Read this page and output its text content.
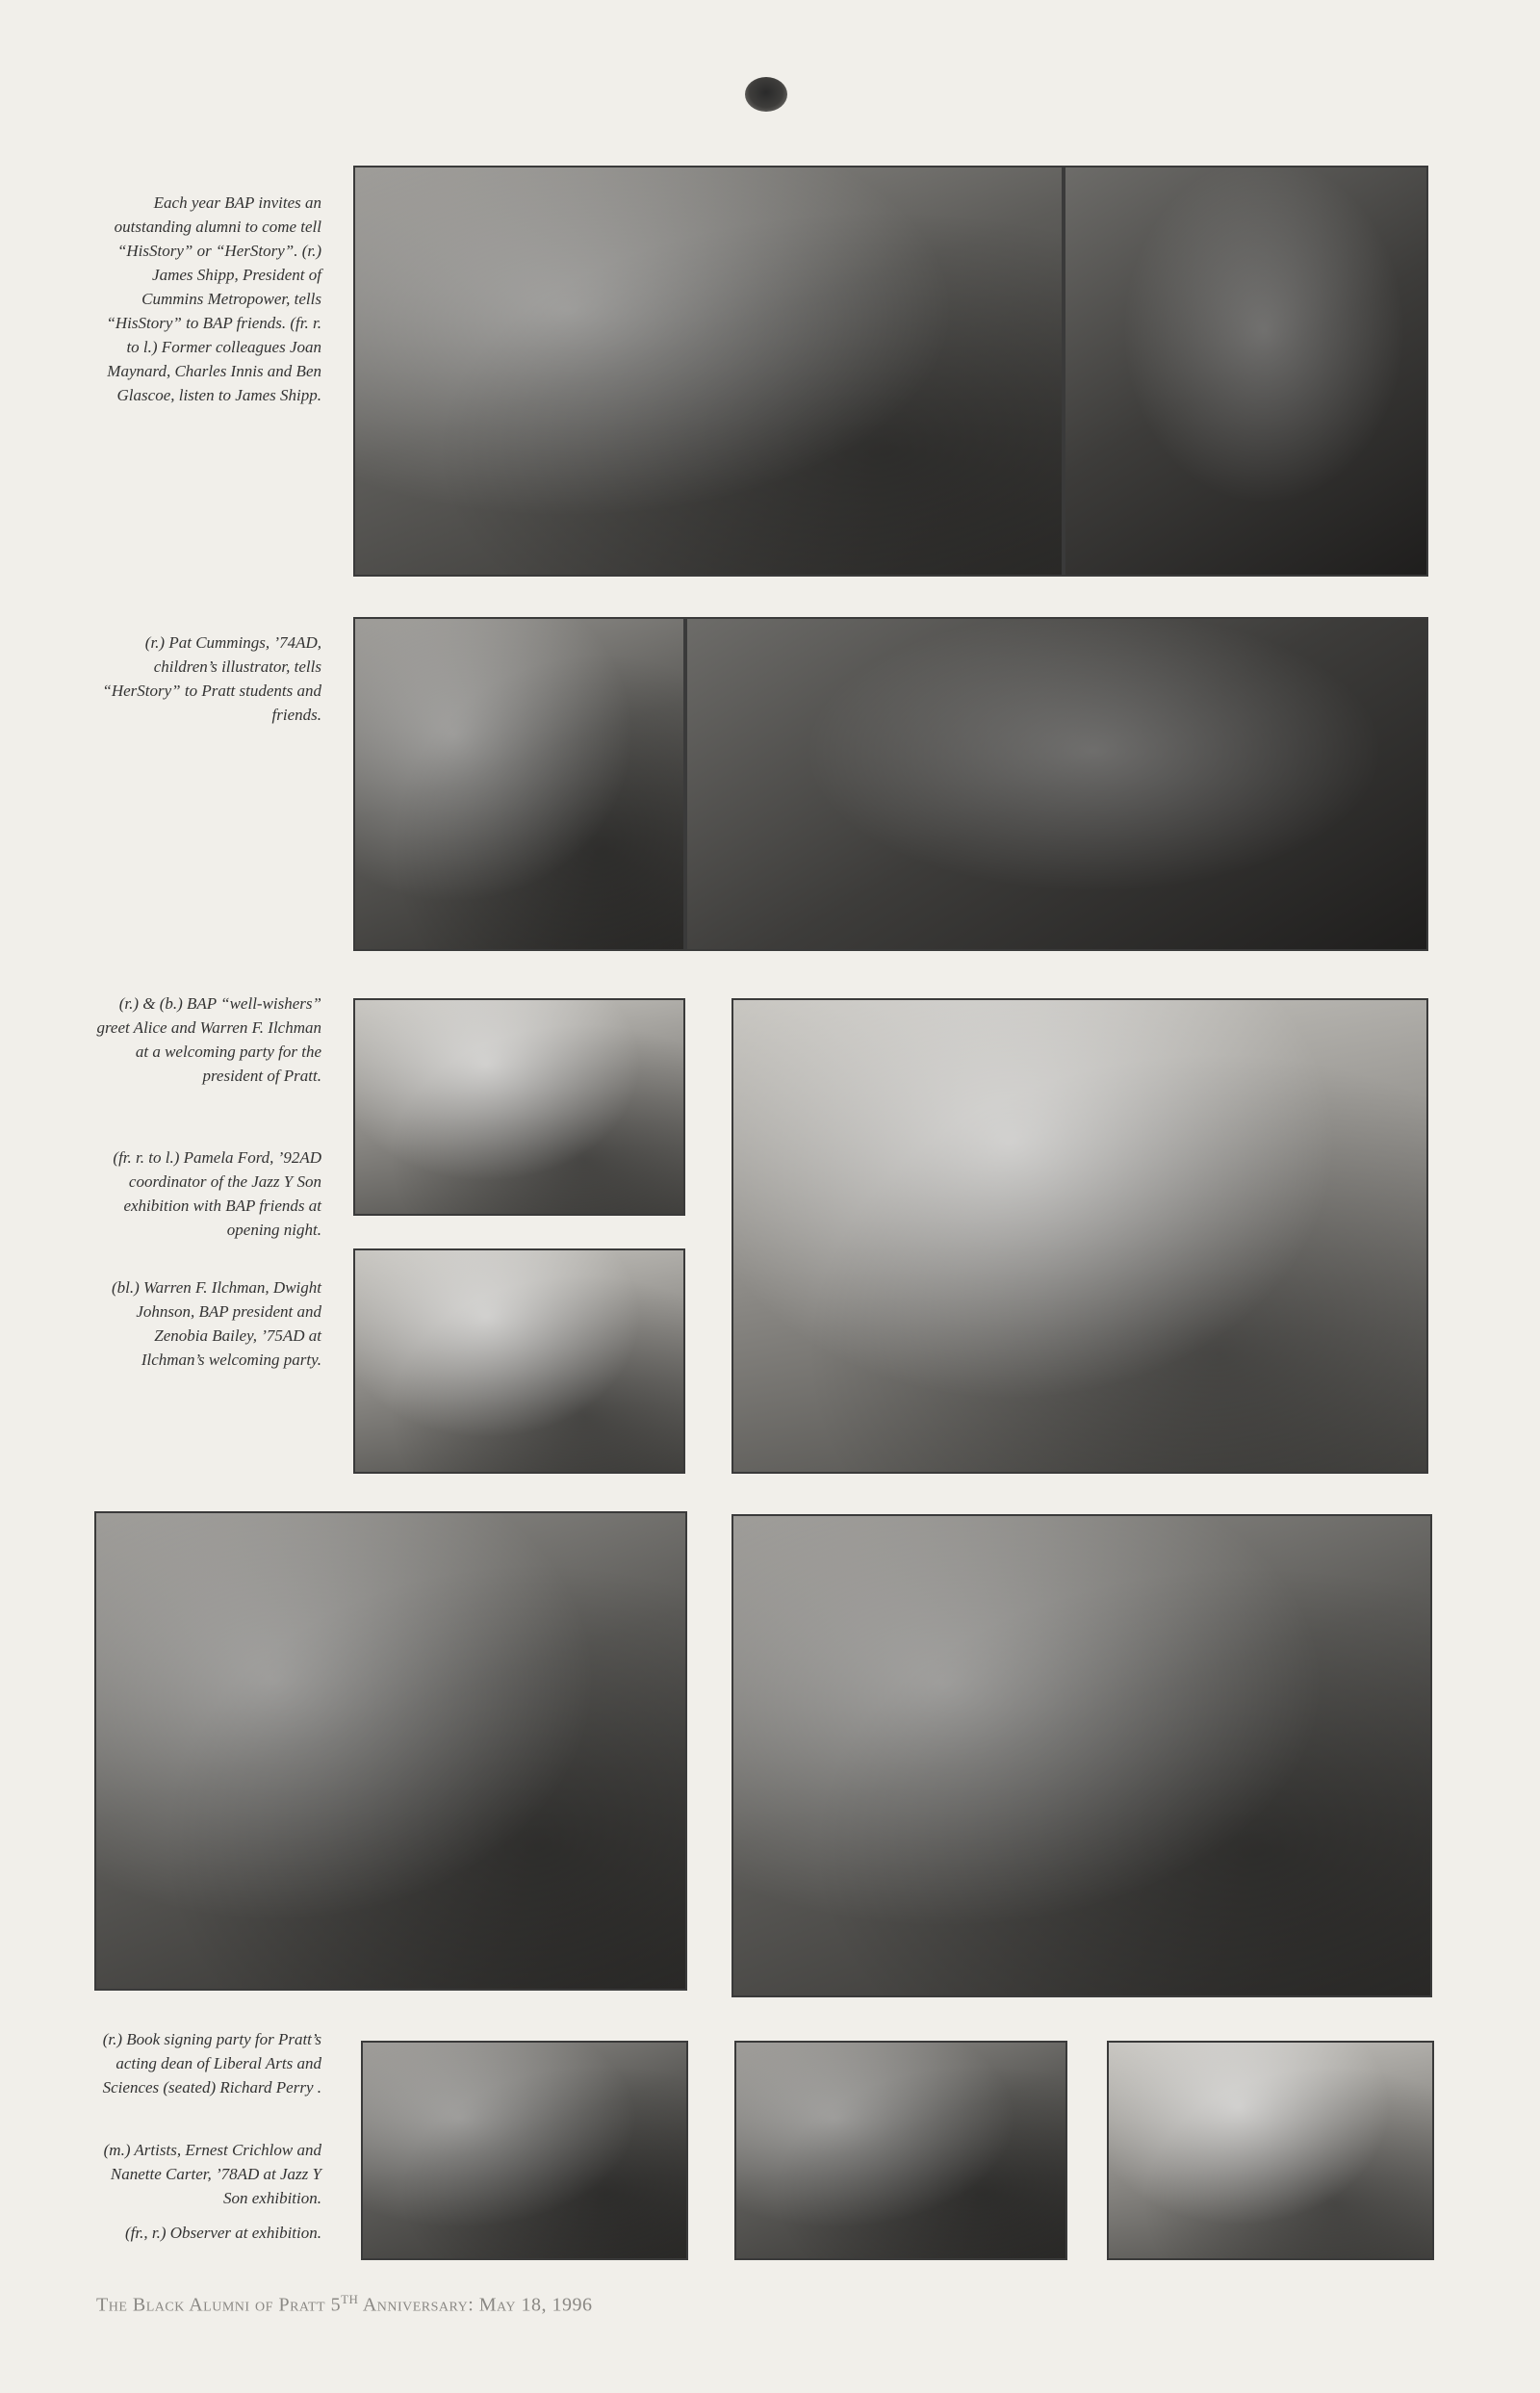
Each year BAP invites an outstanding alumni to come tell “HisStory” or “HerStory”. (r.) James Shipp, President of Cummins Metropower, tells “HisStory” to BAP friends. (fr. r. to l.) Former colleagues Joan Maynard, Charles Innis and Ben Glascoe, listen to James Shipp.

(r.) Pat Cummings, ’74AD, children’s illustrator, tells “HerStory” to Pratt students and friends.

(r.) & (b.) BAP “well-wishers” greet Alice and Warren F. Ilchman at a welcoming party for the president of Pratt.

(fr. r. to l.) Pamela Ford, ’92AD coordinator of the Jazz Y Son exhibition with BAP friends at opening night.

(bl.) Warren F. Ilchman, Dwight Johnson, BAP president and Zenobia Bailey, ’75AD at Ilchman’s welcoming party.

(r.) Book signing party for Pratt’s acting dean of Liberal Arts and Sciences (seated) Richard Perry .

(m.) Artists, Ernest Crichlow and Nanette Carter, ’78AD at Jazz Y Son exhibition.

(fr., r.) Observer at exhibition.

The Black Alumni of Pratt 5TH Anniversary: May 18, 1996
